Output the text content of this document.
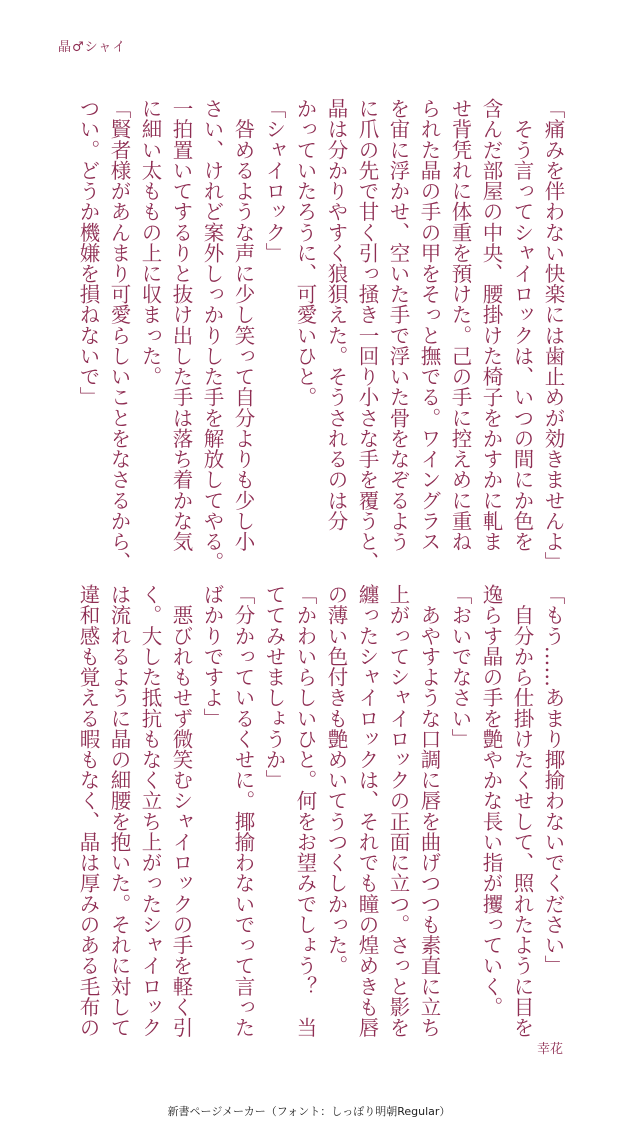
晶♂シャイ

「痛みを伴わない快楽には歯止めが効きませんよ」

　そう言ってシャイロックは、いつの間にか色を

含んだ部屋の中央、腰掛けた椅子をかすかに軋ま

せ背凭れに体重を預けた。己の手に控えめに重ね

られた晶の手の甲をそっと撫でる。ワイングラス

を宙に浮かせ、空いた手で浮いた骨をなぞるよう

に爪の先で甘く引っ掻き一回り小さな手を覆うと、

晶は分かりやすく狼狽えた。そうされるのは分

かっていたろうに、可愛いひと。

「シャイロック」

　咎めるような声に少し笑って自分よりも少し小

さい、けれど案外しっかりした手を解放してやる。

一拍置いてするりと抜け出した手は落ち着かな気

に細い太ももの上に収まった。

「賢者様があんまり可愛らしいことをなさるから、

つい。どうか機嫌を損ねないで」

「もう……あまり揶揄わないでください」

　自分から仕掛けたくせして、照れたように目を

逸らす晶の手を艶やかな長い指が攫っていく。

「おいでなさい」

　あやすような口調に唇を曲げつつも素直に立ち

上がってシャイロックの正面に立つ。さっと影を

纏ったシャイロックは、それでも瞳の煌めきも唇

の薄い色付きも艶めいてうつくしかった。

「かわいらしいひと。何をお望みでしょう？　当

ててみせましょうか」

「分かっているくせに。揶揄わないでって言った

ばかりですよ」

　悪びれもせず微笑むシャイロックの手を軽く引

く。大した抵抗もなく立ち上がったシャイロック

は流れるように晶の細腰を抱いた。それに対して

違和感も覚える暇もなく、晶は厚みのある毛布の

幸花
新書ページメーカー（フォント：しっぽり明朝Regular）
